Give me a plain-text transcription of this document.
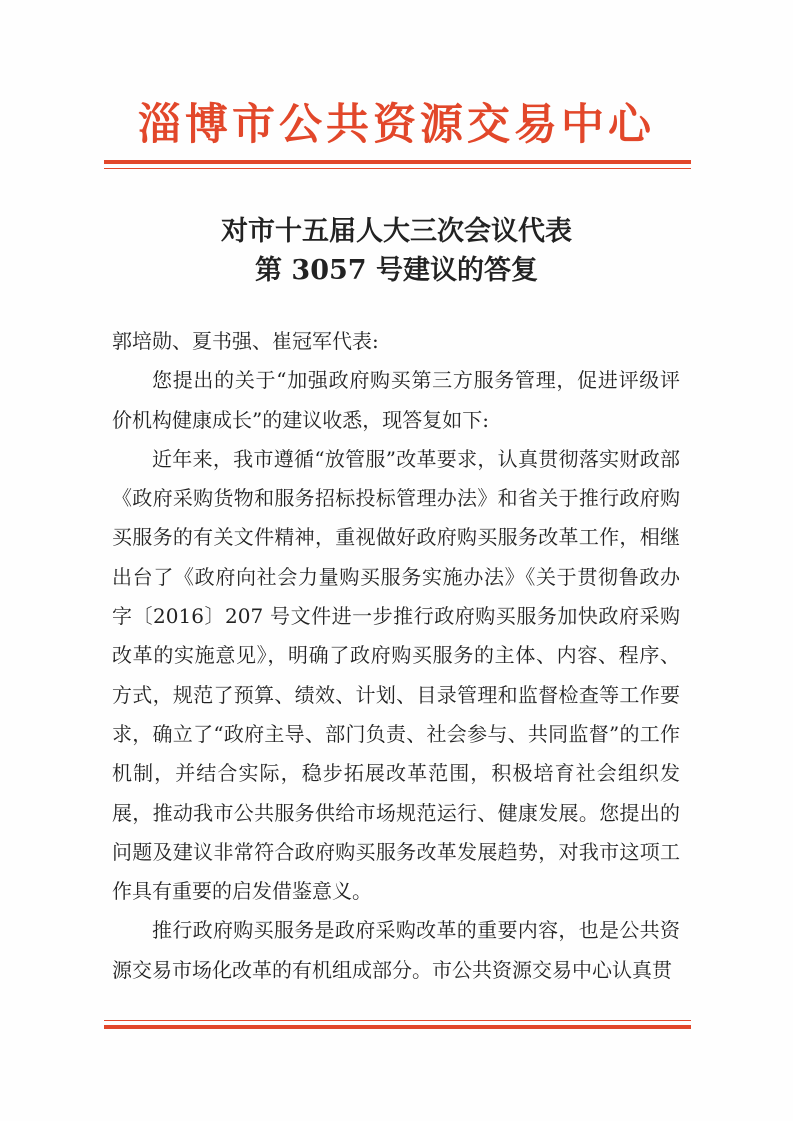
淄博市公共资源交易中心
对市十五届人大三次会议代表
第 3057 号建议的答复

郭培勋、夏书强、崔冠军代表:

您提出的关于“加强政府购买第三方服务管理，促进评级评价机构健康成长”的建议收悉，现答复如下:

近年来，我市遵循“放管服”改革要求，认真贯彻落实财政部《政府采购货物和服务招标投标管理办法》和省关于推行政府购买服务的有关文件精神，重视做好政府购买服务改革工作，相继出台了《政府向社会力量购买服务实施办法》《关于贯彻鲁政办字〔2016〕207 号文件进一步推行政府购买服务加快政府采购改革的实施意见》，明确了政府购买服务的主体、内容、程序、方式，规范了预算、绩效、计划、目录管理和监督检查等工作要求，确立了“政府主导、部门负责、社会参与、共同监督”的工作机制，并结合实际，稳步拓展改革范围，积极培育社会组织发展，推动我市公共服务供给市场规范运行、健康发展。您提出的问题及建议非常符合政府购买服务改革发展趋势，对我市这项工作具有重要的启发借鉴意义。

推行政府购买服务是政府采购改革的重要内容，也是公共资源交易市场化改革的有机组成部分。市公共资源交易中心认真贯
